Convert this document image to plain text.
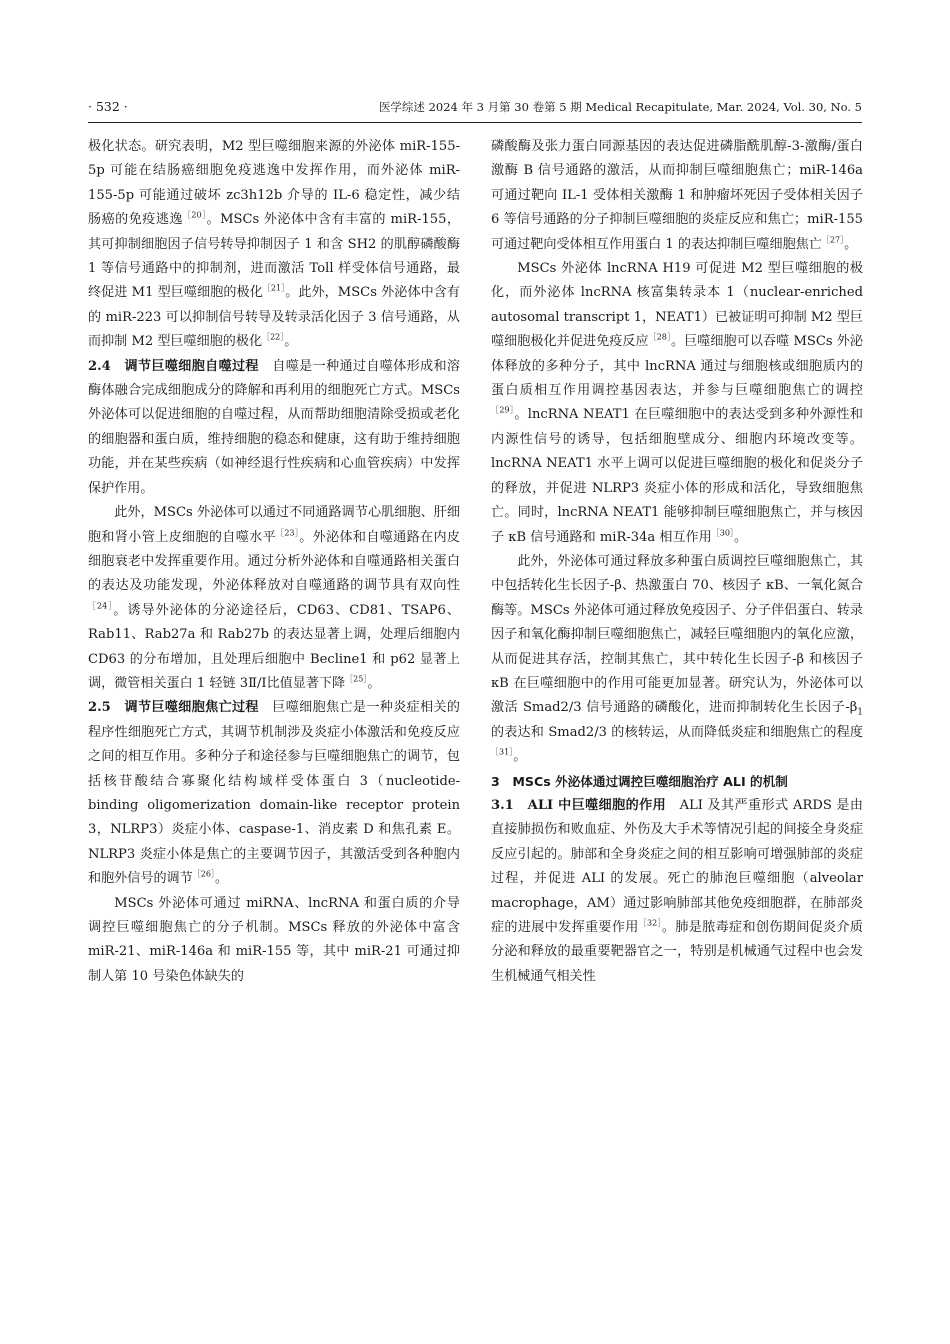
· 532 ·	医学综述 2024 年 3 月第 30 卷第 5 期 Medical Recapitulate, Mar. 2024, Vol. 30, No. 5

极化状态。研究表明，M2 型巨噬细胞来源的外泌体 miR-155-5p 可能在结肠癌细胞免疫逃逸中发挥作用，而外泌体 miR-155-5p 可能通过破坏 zc3h12b 介导的 IL-6 稳定性，减少结肠癌的免疫逃逸$^{[20]}$。MSCs 外泌体中含有丰富的 miR-155，其可抑制细胞因子信号转导抑制因子 1 和含 SH2 的肌醇磷酸酶 1 等信号通路中的抑制剂，进而激活 Toll 样受体信号通路，最终促进 M1 型巨噬细胞的极化$^{[21]}$。此外，MSCs 外泌体中含有的 miR-223 可以抑制信号转导及转录活化因子 3 信号通路，从而抑制 M2 型巨噬细胞的极化$^{[22]}$。

2.4　调节巨噬细胞自噬过程　自噬是一种通过自噬体形成和溶酶体融合完成细胞成分的降解和再利用的细胞死亡方式。MSCs 外泌体可以促进细胞的自噬过程，从而帮助细胞清除受损或老化的细胞器和蛋白质，维持细胞的稳态和健康，这有助于维持细胞功能，并在某些疾病（如神经退行性疾病和心血管疾病）中发挥保护作用。

此外，MSCs 外泌体可以通过不同通路调节心肌细胞、肝细胞和肾小管上皮细胞的自噬水平$^{[23]}$。外泌体和自噬通路在内皮细胞衰老中发挥重要作用。通过分析外泌体和自噬通路相关蛋白的表达及功能发现，外泌体释放对自噬通路的调节具有双向性$^{[24]}$。诱导外泌体的分泌途径后，CD63、CD81、TSAP6、Rab11、Rab27a 和 Rab27b 的表达显著上调，处理后细胞内 CD63 的分布增加，且处理后细胞中 Becline1 和 p62 显著上调，微管相关蛋白 1 轻链 3Ⅱ/Ⅰ比值显著下降$^{[25]}$。

2.5　调节巨噬细胞焦亡过程　巨噬细胞焦亡是一种炎症相关的程序性细胞死亡方式，其调节机制涉及炎症小体激活和免疫反应之间的相互作用。多种分子和途径参与巨噬细胞焦亡的调节，包括核苷酸结合寡聚化结构域样受体蛋白 3（nucleotide-binding oligomerization domain-like receptor protein 3，NLRP3）炎症小体、caspase-1、消皮素 D 和焦孔素 E。NLRP3 炎症小体是焦亡的主要调节因子，其激活受到各种胞内和胞外信号的调节$^{[26]}$。

MSCs 外泌体可通过 miRNA、lncRNA 和蛋白质的介导调控巨噬细胞焦亡的分子机制。MSCs 释放的外泌体中富含 miR-21、miR-146a 和 miR-155 等，其中 miR-21 可通过抑制人第 10 号染色体缺失的

磷酸酶及张力蛋白同源基因的表达促进磷脂酰肌醇-3-激酶/蛋白激酶 B 信号通路的激活，从而抑制巨噬细胞焦亡；miR-146a 可通过靶向 IL-1 受体相关激酶 1 和肿瘤坏死因子受体相关因子 6 等信号通路的分子抑制巨噬细胞的炎症反应和焦亡；miR-155 可通过靶向受体相互作用蛋白 1 的表达抑制巨噬细胞焦亡$^{[27]}$。

MSCs 外泌体 lncRNA H19 可促进 M2 型巨噬细胞的极化，而外泌体 lncRNA 核富集转录本 1（nuclear-enriched autosomal transcript 1，NEAT1）已被证明可抑制 M2 型巨噬细胞极化并促进免疫反应$^{[28]}$。巨噬细胞可以吞噬 MSCs 外泌体释放的多种分子，其中 lncRNA 通过与细胞核或细胞质内的蛋白质相互作用调控基因表达，并参与巨噬细胞焦亡的调控$^{[29]}$。lncRNA NEAT1 在巨噬细胞中的表达受到多种外源性和内源性信号的诱导，包括细胞壁成分、细胞内环境改变等。lncRNA NEAT1 水平上调可以促进巨噬细胞的极化和促炎分子的释放，并促进 NLRP3 炎症小体的形成和活化，导致细胞焦亡。同时，lncRNA NEAT1 能够抑制巨噬细胞焦亡，并与核因子 κB 信号通路和 miR-34a 相互作用$^{[30]}$。

此外，外泌体可通过释放多种蛋白质调控巨噬细胞焦亡，其中包括转化生长因子-β、热激蛋白 70、核因子 κB、一氧化氮合酶等。MSCs 外泌体可通过释放免疫因子、分子伴侣蛋白、转录因子和氧化酶抑制巨噬细胞焦亡，减轻巨噬细胞内的氧化应激，从而促进其存活，控制其焦亡，其中转化生长因子-β 和核因子 κB 在巨噬细胞中的作用可能更加显著。研究认为，外泌体可以激活 Smad2/3 信号通路的磷酸化，进而抑制转化生长因子$-\beta_1$ 的表达和 Smad2/3 的核转运，从而降低炎症和细胞焦亡的程度$^{[31]}$。

3　MSCs 外泌体通过调控巨噬细胞治疗 ALI 的机制

3.1　ALI 中巨噬细胞的作用　ALI 及其严重形式 ARDS 是由直接肺损伤和败血症、外伤及大手术等情况引起的间接全身炎症反应引起的。肺部和全身炎症之间的相互影响可增强肺部的炎症过程，并促进 ALI 的发展。死亡的肺泡巨噬细胞（alveolar macrophage，AM）通过影响肺部其他免疫细胞群，在肺部炎症的进展中发挥重要作用$^{[32]}$。肺是脓毒症和创伤期间促炎介质分泌和释放的最重要靶器官之一，特别是机械通气过程中也会发生机械通气相关性
